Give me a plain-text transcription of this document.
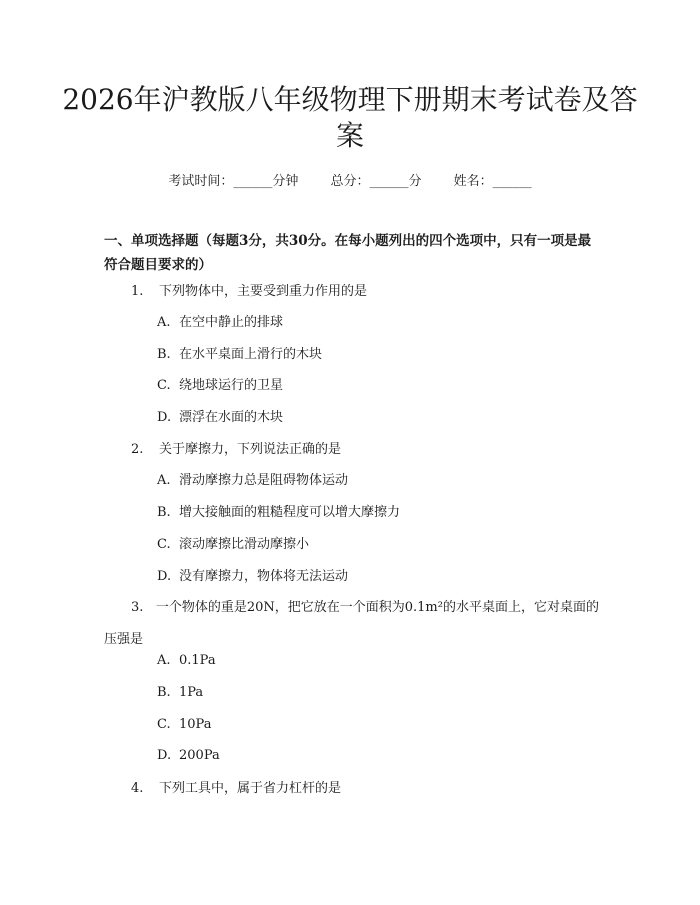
2026年沪教版八年级物理下册期末考试卷及答案
考试时间：______分钟 总分：______分 姓名：______
一、单项选择题（每题3分，共30分。在每小题列出的四个选项中，只有一项是最符合题目要求的）
1. 下列物体中，主要受到重力作用的是
A. 在空中静止的排球
B. 在水平桌面上滑行的木块
C. 绕地球运行的卫星
D. 漂浮在水面的木块
2. 关于摩擦力，下列说法正确的是
A. 滑动摩擦力总是阻碍物体运动
B. 增大接触面的粗糙程度可以增大摩擦力
C. 滚动摩擦比滑动摩擦小
D. 没有摩擦力，物体将无法运动
3. 一个物体的重是20N，把它放在一个面积为0.1m²的水平桌面上，它对桌面的压强是
A. 0.1Pa
B. 1Pa
C. 10Pa
D. 200Pa
4. 下列工具中，属于省力杠杆的是
